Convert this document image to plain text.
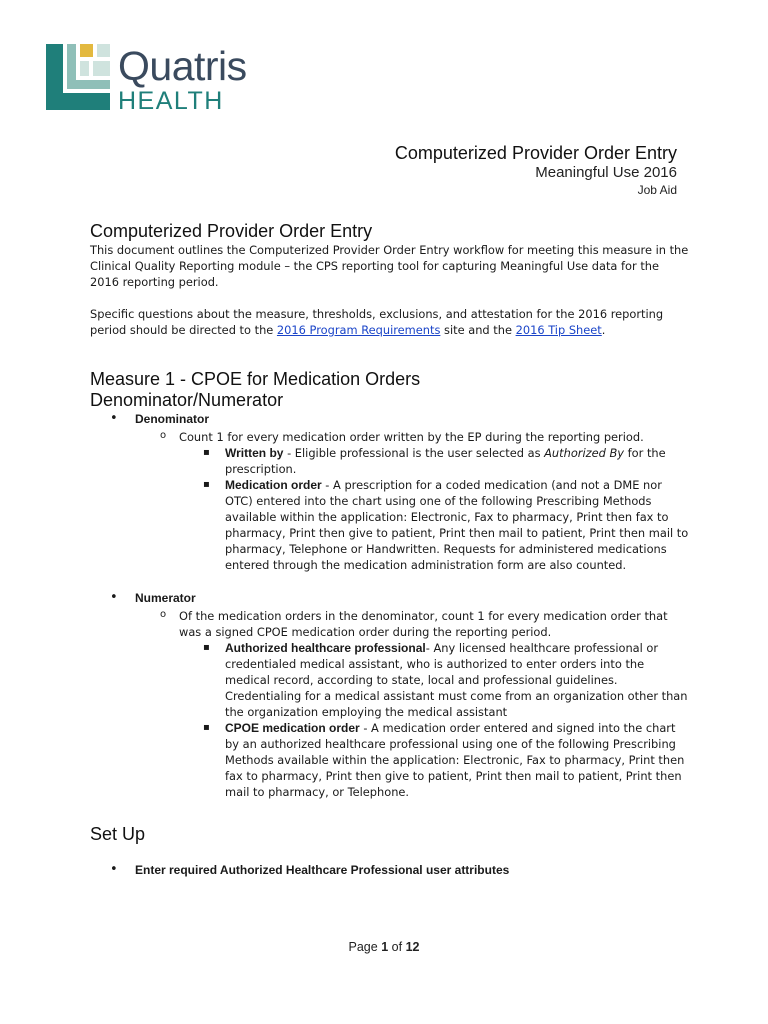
Quatris
HEALTH
Computerized Provider Order Entry
Meaningful Use 2016
Job Aid
Computerized Provider Order Entry

This document outlines the Computerized Provider Order Entry workflow for meeting this measure in the Clinical Quality Reporting module – the CPS reporting tool for capturing Meaningful Use data for the 2016 reporting period.

Specific questions about the measure, thresholds, exclusions, and attestation for the 2016 reporting period should be directed to the 2016 Program Requirements site and the 2016 Tip Sheet.

Measure 1 - CPOE for Medication Orders
Denominator/Numerator
• Denominator
o Count 1 for every medication order written by the EP during the reporting period.
▪ Written by - Eligible professional is the user selected as Authorized By for the prescription.
▪ Medication order - A prescription for a coded medication (and not a DME nor OTC) entered into the chart using one of the following Prescribing Methods available within the application: Electronic, Fax to pharmacy, Print then fax to pharmacy, Print then give to patient, Print then mail to patient, Print then mail to pharmacy, Telephone or Handwritten. Requests for administered medications entered through the medication administration form are also counted.
• Numerator
o Of the medication orders in the denominator, count 1 for every medication order that was a signed CPOE medication order during the reporting period.
▪ Authorized healthcare professional- Any licensed healthcare professional or credentialed medical assistant, who is authorized to enter orders into the medical record, according to state, local and professional guidelines. Credentialing for a medical assistant must come from an organization other than the organization employing the medical assistant
▪ CPOE medication order - A medication order entered and signed into the chart by an authorized healthcare professional using one of the following Prescribing Methods available within the application: Electronic, Fax to pharmacy, Print then fax to pharmacy, Print then give to patient, Print then mail to patient, Print then mail to pharmacy, or Telephone.
Set Up
• Enter required Authorized Healthcare Professional user attributes
Page 1 of 12
